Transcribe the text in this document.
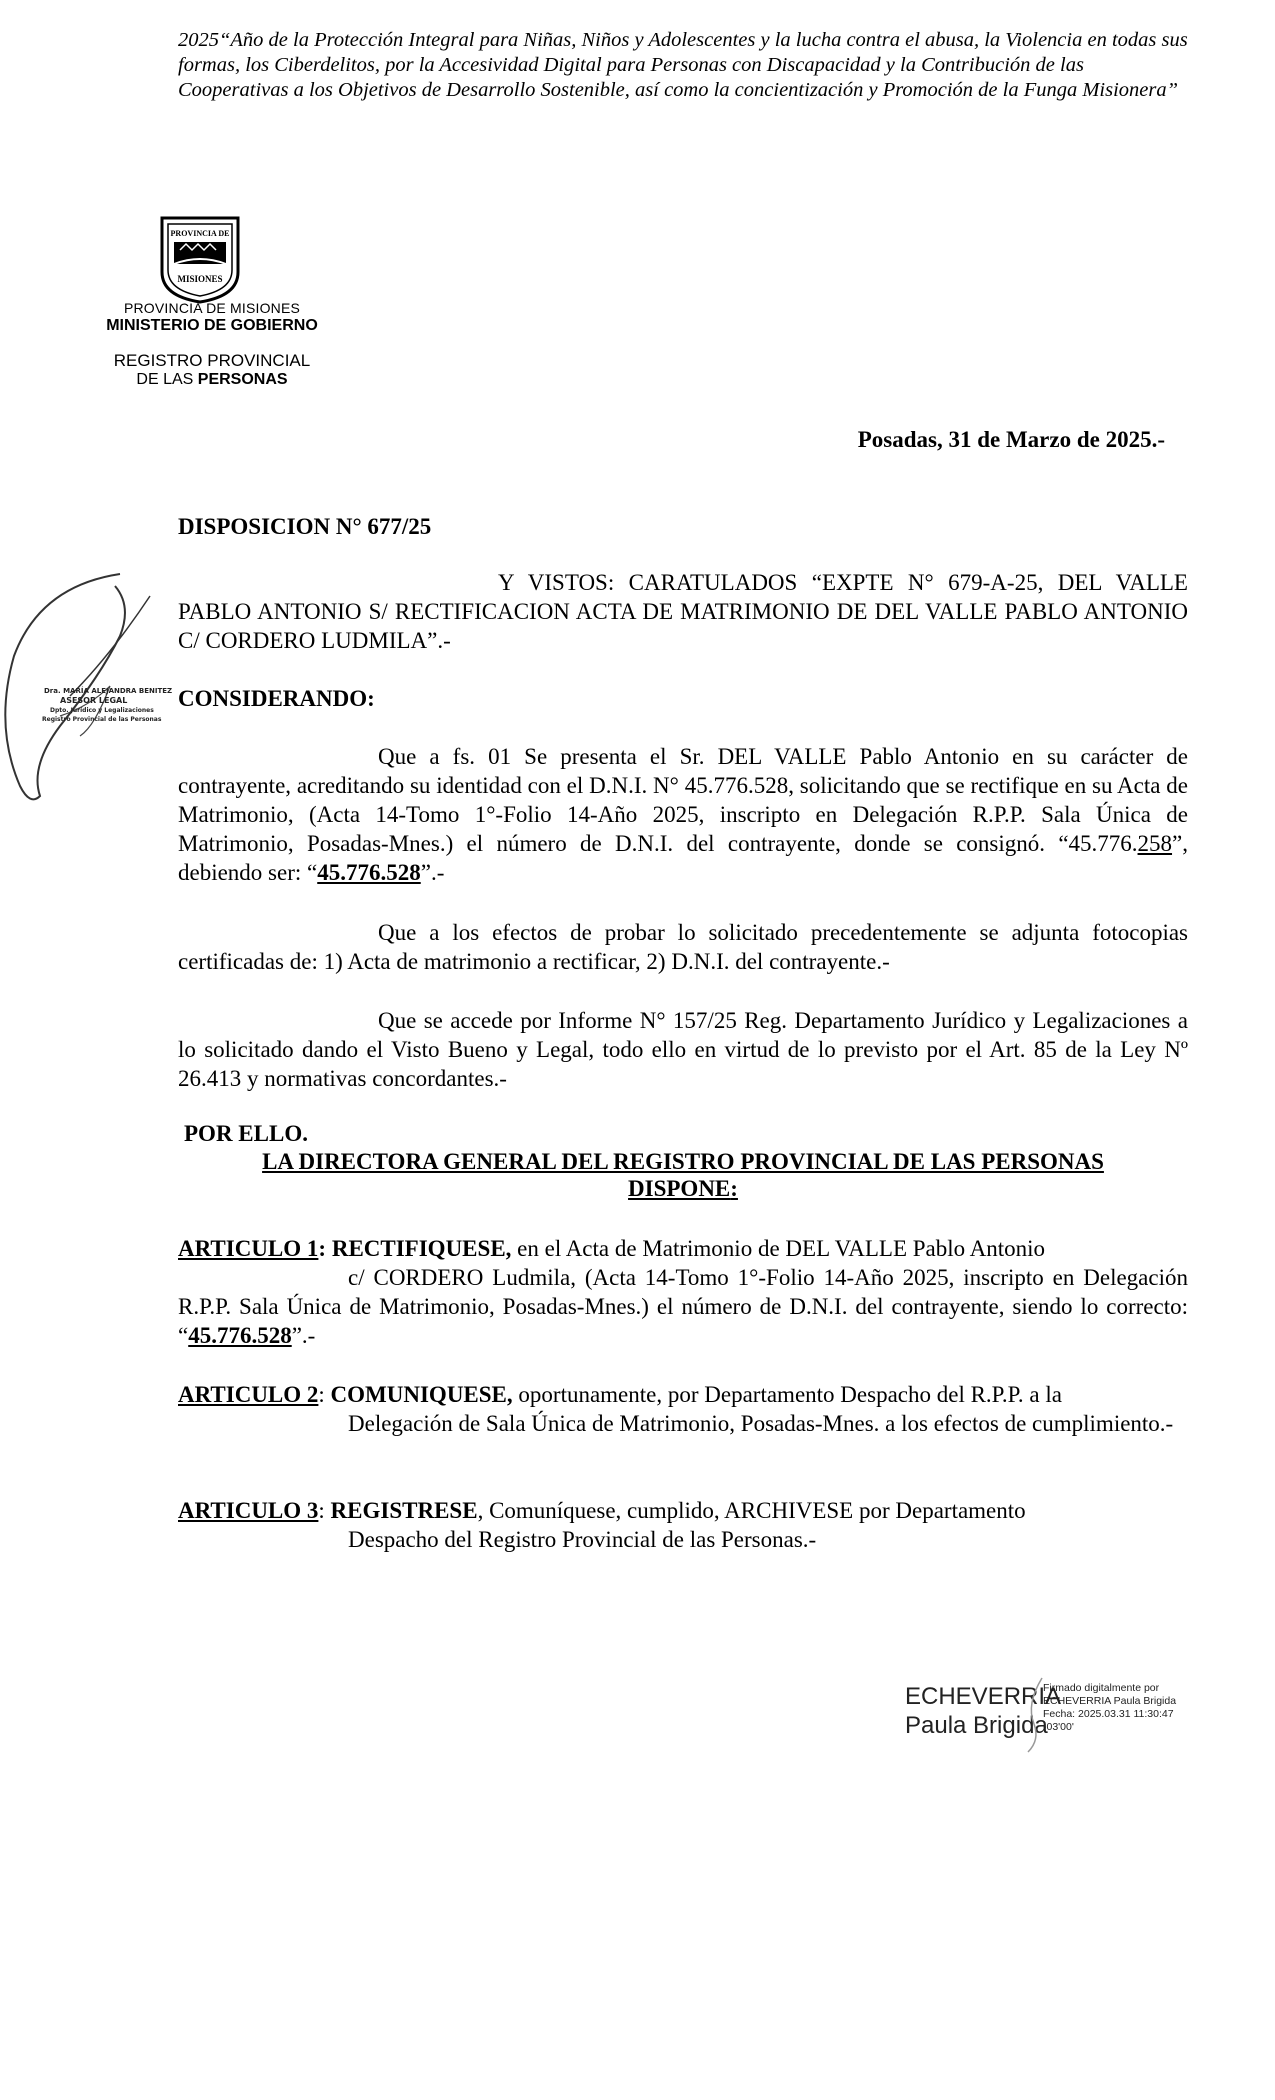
2025“Año de la Protección Integral para Niñas, Niños y Adolescentes y la lucha contra el abusa, la Violencia en todas sus formas, los Ciberdelitos, por la Accesividad Digital para Personas con Discapacidad y la Contribución de las Cooperativas a los Objetivos de Desarrollo Sostenible, así como la concientización y Promoción de la Funga Misionera”
PROVINCIA DE
MISIONES
PROVINCIA DE MISIONES
MINISTERIO DE GOBIERNO
REGISTRO PROVINCIAL
DE LAS PERSONAS
Posadas, 31 de Marzo de 2025.-
DISPOSICION N° 677/25

Y VISTOS: CARATULADOS “EXPTE N° 679-A-25, DEL VALLE PABLO ANTONIO S/ RECTIFICACION ACTA DE MATRIMONIO DE DEL VALLE PABLO ANTONIO C/ CORDERO LUDMILA”.-

CONSIDERANDO:

Que a fs. 01 Se presenta el Sr. DEL VALLE Pablo Antonio en su carácter de contrayente, acreditando su identidad con el D.N.I. N° 45.776.528, solicitando que se rectifique en su Acta de Matrimonio, (Acta 14-Tomo 1°-Folio 14-Año 2025, inscripto en Delegación R.P.P. Sala Única de Matrimonio, Posadas-Mnes.) el número de D.N.I. del contrayente, donde se consignó. “45.776.258”, debiendo ser: “45.776.528”.-

Que a los efectos de probar lo solicitado precedentemente se adjunta fotocopias certificadas de: 1) Acta de matrimonio a rectificar, 2) D.N.I. del contrayente.-

Que se accede por Informe N° 157/25 Reg. Departamento Jurídico y Legalizaciones a lo solicitado dando el Visto Bueno y Legal, todo ello en virtud de lo previsto por el Art. 85 de la Ley Nº 26.413 y normativas concordantes.-

POR ELLO.
LA DIRECTORA GENERAL DEL REGISTRO PROVINCIAL DE LAS PERSONAS
DISPONE:
ARTICULO 1: RECTIFIQUESE, en el Acta de Matrimonio de DEL VALLE Pablo Antonio
c/ CORDERO Ludmila, (Acta 14-Tomo 1°-Folio 14-Año 2025, inscripto en Delegación R.P.P. Sala Única de Matrimonio, Posadas-Mnes.) el número de D.N.I. del contrayente, siendo lo correcto: “45.776.528”.-
ARTICULO 2: COMUNIQUESE, oportunamente, por Departamento Despacho del R.P.P. a la
Delegación de Sala Única de Matrimonio, Posadas-Mnes. a los efectos de cumplimiento.-
ARTICULO 3: REGISTRESE, Comuníquese, cumplido, ARCHIVESE por Departamento
Despacho del Registro Provincial de las Personas.-
Dra. MARÍA ALEJANDRA BENITEZ
ASESOR LEGAL
Dpto. Jurídico y Legalizaciones
Registro Provincial de las Personas
ECHEVERRIA
Paula Brigida
Firmado digitalmente por
ECHEVERRIA Paula Brigida
Fecha: 2025.03.31 11:30:47
-03'00'
